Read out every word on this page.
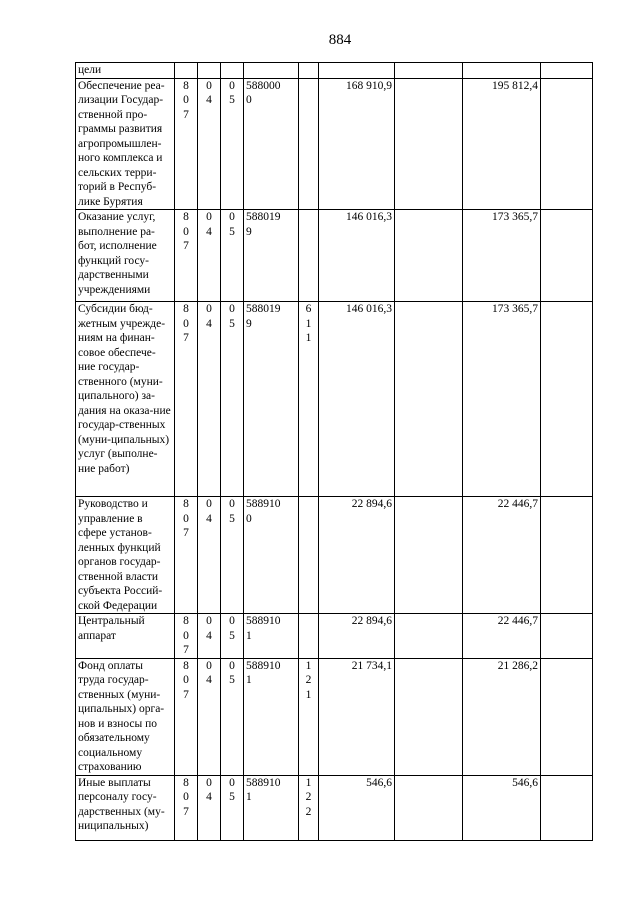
884
цели									

Обеспечение реа-лизации Государ-ственной про-граммы развития агропромышлен-ного комплекса и сельских терри-торий в Респуб-лике Бурятия	807	04	05	5880000		168 910,9		195 812,4	

Оказание услуг, выполнение ра-бот, исполнение функций госу-дарственными учреждениями	807	04	05	5880199		146 016,3		173 365,7	

Субсидии бюд-жетным учрежде-ниям на финан-совое обеспече-ние государ-ственного (муни-ципального) за-дания на оказа-ние государ-ственных (муни-ципальных) услуг (выполне-ние работ)	807	04	05	5880199	611	146 016,3		173 365,7	

Руководство и управление в сфере установ-ленных функций органов государ-ственной власти субъекта Россий-ской Федерации	807	04	05	5889100		22 894,6		22 446,7	

Центральный аппарат	807	04	05	5889101		22 894,6		22 446,7	

Фонд оплаты труда государ-ственных (муни-ципальных) орга-нов и взносы по обязательному социальному страхованию	807	04	05	5889101	121	21 734,1		21 286,2	

Иные выплаты персоналу госу-дарственных (му-ниципальных)	807	04	05	5889101	122	546,6		546,6	
